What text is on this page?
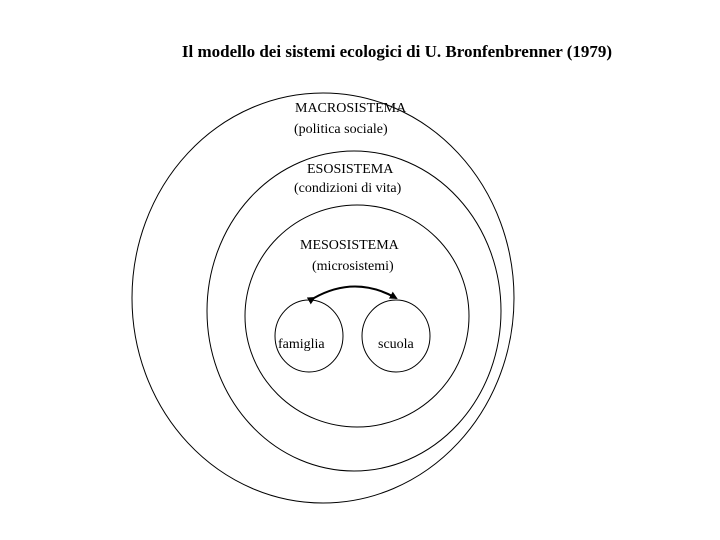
Il modello dei sistemi ecologici di U. Bronfenbrenner (1979)
MACROSISTEMA
(politica sociale)
ESOSISTEMA
(condizioni di vita)
MESOSISTEMA
(microsistemi)
famiglia	scuola
